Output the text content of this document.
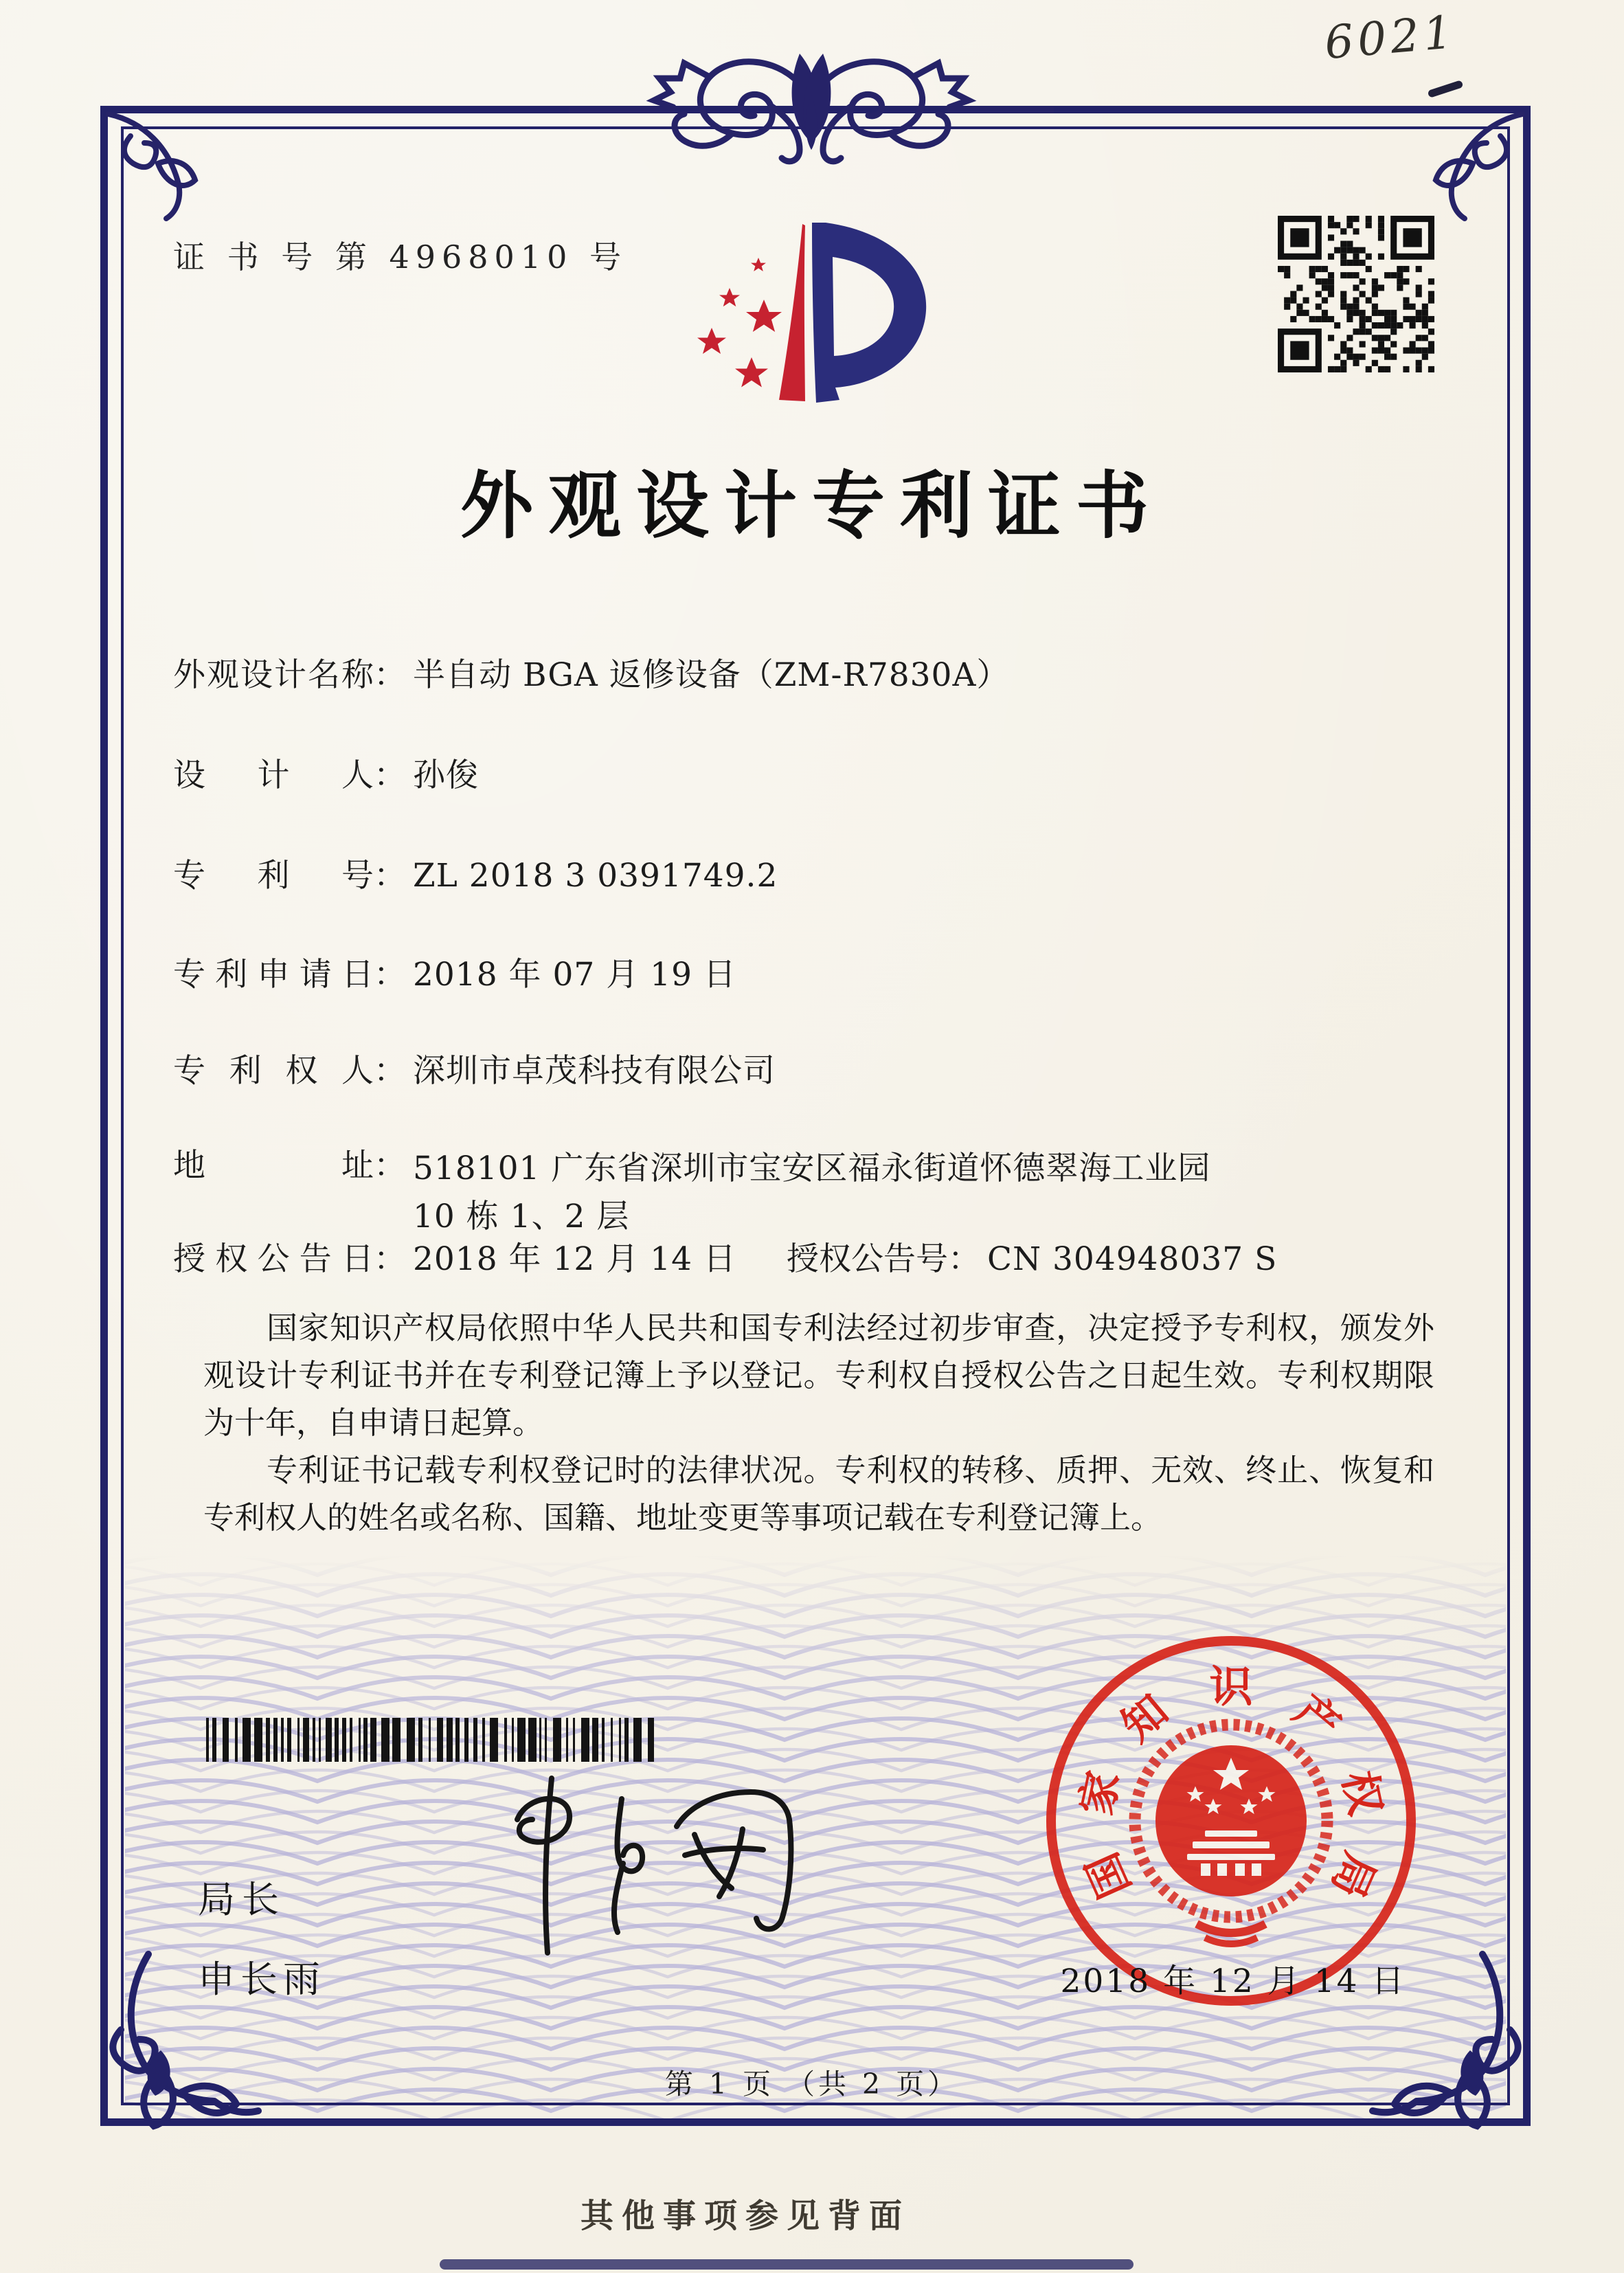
6021
证 书 号 第 4968010 号
外观设计专利证书
外观设计名称： 半自动 BGA 返修设备（ZM-R7830A）
设计人： 孙俊
专利号： ZL 2018 3 0391749.2
专利申请日： 2018 年 07 月 19 日
专利权人： 深圳市卓茂科技有限公司
地址： 518101 广东省深圳市宝安区福永街道怀德翠海工业园 10 栋 1、2 层
授权公告日： 2018 年 12 月 14 日 授权公告号： CN 304948037 S

国家知识产权局依照中华人民共和国专利法经过初步审查，决定授予专利权，颁发外观设计专利证书并在专利登记簿上予以登记。专利权自授权公告之日起生效。专利权期限为十年，自申请日起算。

专利证书记载专利权登记时的法律状况。专利权的转移、质押、无效、终止、恢复和专利权人的姓名或名称、国籍、地址变更等事项记载在专利登记簿上。

局长
申长雨
国
家
知 识 产
权
局
2018 年 12 月 14 日
第 1 页 （共 2 页）
其他事项参见背面
